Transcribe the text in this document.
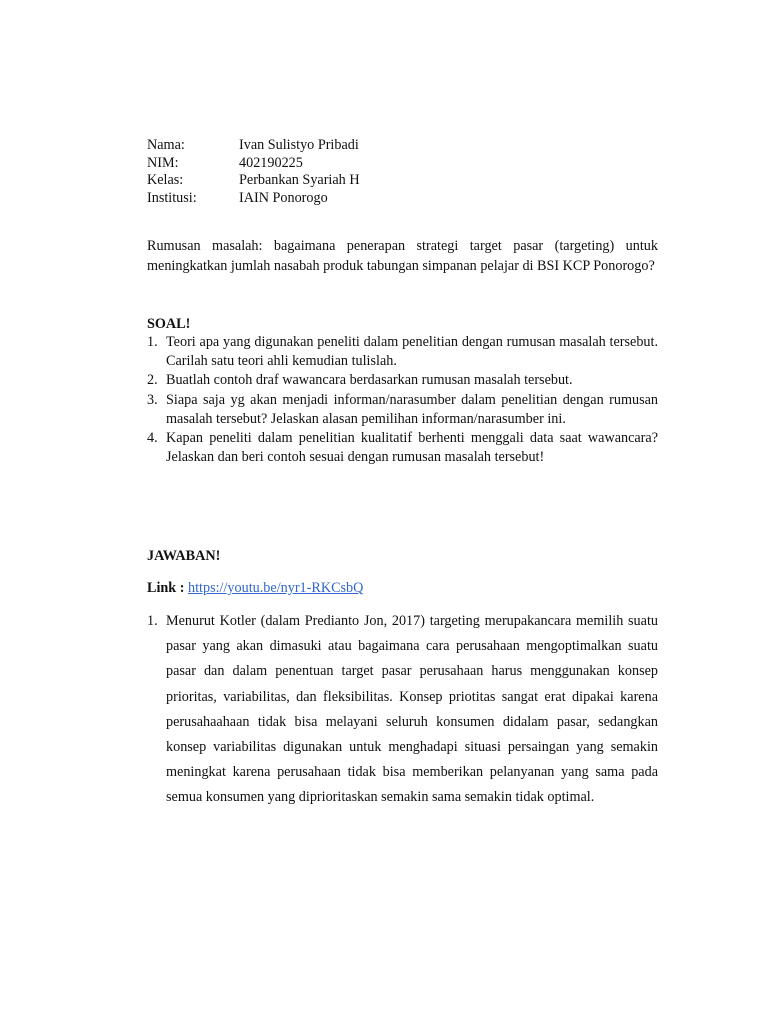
Nama:	Ivan Sulistyo Pribadi
NIM:	402190225
Kelas:	Perbankan Syariah H
Institusi:	IAIN Ponorogo
Rumusan masalah: bagaimana penerapan strategi target pasar (targeting) untuk meningkatkan jumlah nasabah produk tabungan simpanan pelajar di BSI KCP Ponorogo?
SOAL!
1. Teori apa yang digunakan peneliti dalam penelitian dengan rumusan masalah tersebut. Carilah satu teori ahli kemudian tulislah.
2. Buatlah contoh draf wawancara berdasarkan rumusan masalah tersebut.
3. Siapa saja yg akan menjadi informan/narasumber dalam penelitian dengan rumusan masalah tersebut? Jelaskan alasan pemilihan informan/narasumber ini.
4. Kapan peneliti dalam penelitian kualitatif berhenti menggali data saat wawancara? Jelaskan dan beri contoh sesuai dengan rumusan masalah tersebut!
JAWABAN!
Link : https://youtu.be/nyr1-RKCsbQ
1. Menurut Kotler (dalam Predianto Jon, 2017) targeting merupakancara memilih suatu pasar yang akan dimasuki atau bagaimana cara perusahaan mengoptimalkan suatu pasar dan dalam penentuan target pasar perusahaan harus menggunakan konsep prioritas, variabilitas, dan fleksibilitas. Konsep priotitas sangat erat dipakai karena perusahaahaan tidak bisa melayani seluruh konsumen didalam pasar, sedangkan konsep variabilitas digunakan untuk menghadapi situasi persaingan yang semakin meningkat karena perusahaan tidak bisa memberikan pelanyanan yang sama pada semua konsumen yang diprioritaskan semakin sama semakin tidak optimal.
